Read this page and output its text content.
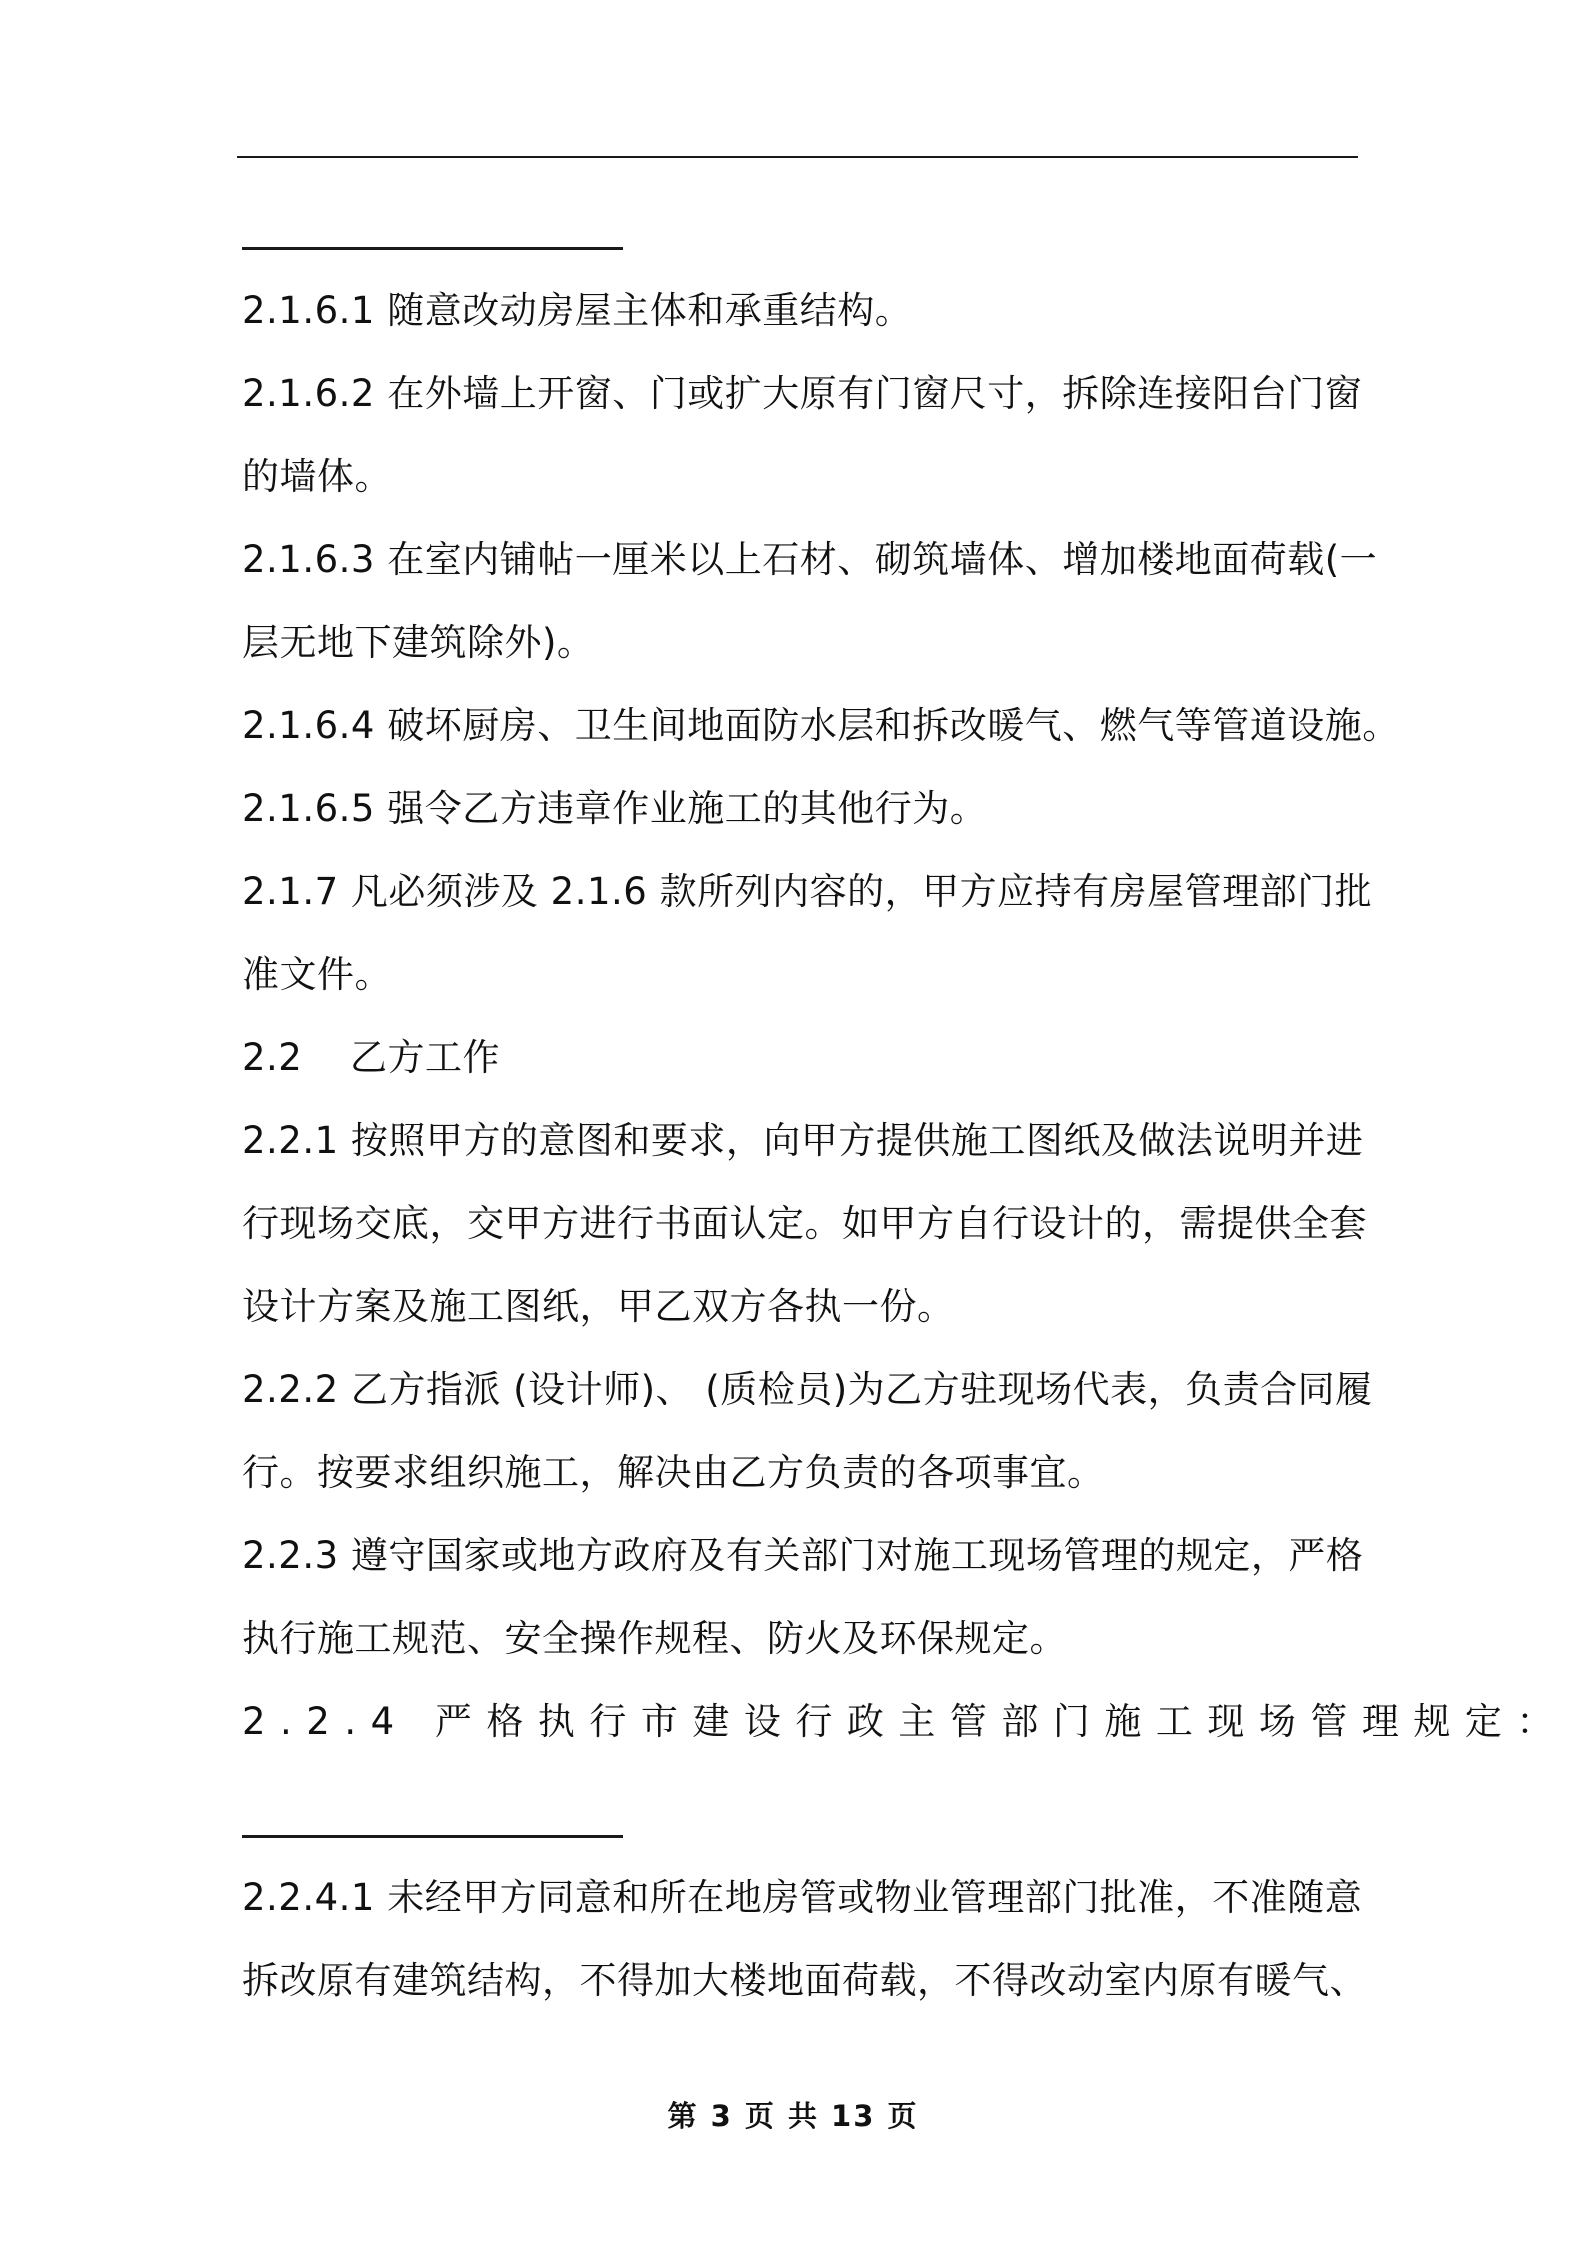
2.1.6.1 随意改动房屋主体和承重结构。
2.1.6.2 在外墙上开窗、门或扩大原有门窗尺寸，拆除连接阳台门窗
的墙体。
2.1.6.3 在室内铺帖一厘米以上石材、砌筑墙体、增加楼地面荷载(一
层无地下建筑除外)。
2.1.6.4 破坏厨房、卫生间地面防水层和拆改暖气、燃气等管道设施。
2.1.6.5 强令乙方违章作业施工的其他行为。
2.1.7 凡必须涉及 2.1.6 款所列内容的，甲方应持有房屋管理部门批
准文件。
2.2 乙方工作
2.2.1 按照甲方的意图和要求，向甲方提供施工图纸及做法说明并进
行现场交底，交甲方进行书面认定。如甲方自行设计的，需提供全套
设计方案及施工图纸，甲乙双方各执一份。
2.2.2 乙方指派 (设计师)、 (质检员)为乙方驻现场代表，负责合同履
行。按要求组织施工，解决由乙方负责的各项事宜。
2.2.3 遵守国家或地方政府及有关部门对施工现场管理的规定，严格
执行施工规范、安全操作规程、防火及环保规定。
2.2.4 严格执行市建设行政主管部门施工现场管理规定：
2.2.4.1 未经甲方同意和所在地房管或物业管理部门批准，不准随意
拆改原有建筑结构，不得加大楼地面荷载，不得改动室内原有暖气、
第 3 页 共 13 页
